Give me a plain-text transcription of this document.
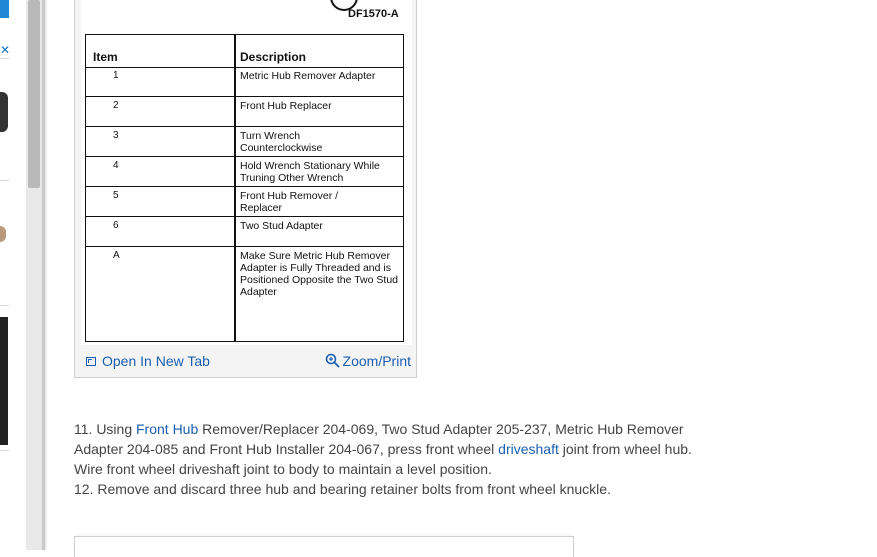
✕
DF1570-A
Item	Description
1	Metric Hub Remover Adapter
2	Front Hub Replacer
3	Turn Wrench Counterclockwise
4	Hold Wrench Stationary While Truning Other Wrench
5	Front Hub Remover / Replacer
6	Two Stud Adapter
A	Make Sure Metric Hub Remover Adapter is Fully Threaded and is Positioned Opposite the Two Stud Adapter
Open In New Tab	Zoom/Print
11. Using Front Hub Remover/Replacer 204-069, Two Stud Adapter 205-237, Metric Hub Remover Adapter 204-085 and Front Hub Installer 204-067, press front wheel driveshaft joint from wheel hub. Wire front wheel driveshaft joint to body to maintain a level position.
12. Remove and discard three hub and bearing retainer bolts from front wheel knuckle.
